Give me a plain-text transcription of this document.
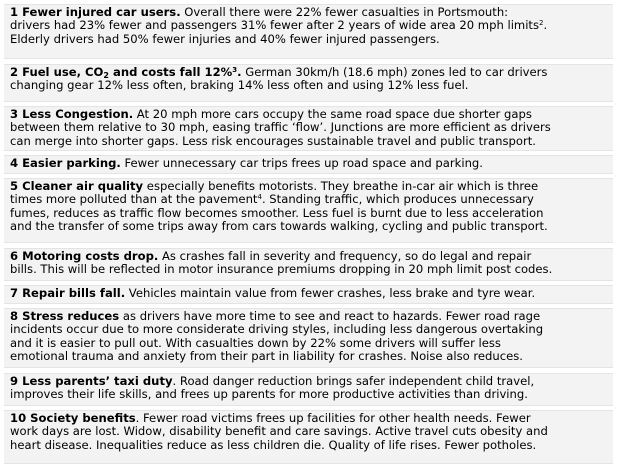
1 Fewer injured car users. Overall there were 22% fewer casualties in Portsmouth:
drivers had 23% fewer and passengers 31% fewer after 2 years of wide area 20 mph limits$^2$.
Elderly drivers had 50% fewer injuries and 40% fewer injured passengers.
2 Fuel use, $CO_2$ and costs fall 12%$^3$. German 30km/h (18.6 mph) zones led to car drivers
changing gear 12% less often, braking 14% less often and using 12% less fuel.
3 Less Congestion. At 20 mph more cars occupy the same road space due shorter gaps
between them relative to 30 mph, easing traffic ‘flow’. Junctions are more efficient as drivers
can merge into shorter gaps. Less risk encourages sustainable travel and public transport.
4 Easier parking. Fewer unnecessary car trips frees up road space and parking.
5 Cleaner air quality especially benefits motorists. They breathe in-car air which is three
times more polluted than at the pavement$^4$. Standing traffic, which produces unnecessary
fumes, reduces as traffic flow becomes smoother. Less fuel is burnt due to less acceleration
and the transfer of some trips away from cars towards walking, cycling and public transport.
6 Motoring costs drop. As crashes fall in severity and frequency, so do legal and repair
bills. This will be reflected in motor insurance premiums dropping in 20 mph limit post codes.
7 Repair bills fall. Vehicles maintain value from fewer crashes, less brake and tyre wear.
8 Stress reduces as drivers have more time to see and react to hazards. Fewer road rage
incidents occur due to more considerate driving styles, including less dangerous overtaking
and it is easier to pull out. With casualties down by 22% some drivers will suffer less
emotional trauma and anxiety from their part in liability for crashes. Noise also reduces.
9 Less parents’ taxi duty. Road danger reduction brings safer independent child travel,
improves their life skills, and frees up parents for more productive activities than driving.
10 Society benefits. Fewer road victims frees up facilities for other health needs. Fewer
work days are lost. Widow, disability benefit and care savings. Active travel cuts obesity and
heart disease. Inequalities reduce as less children die. Quality of life rises. Fewer potholes.
